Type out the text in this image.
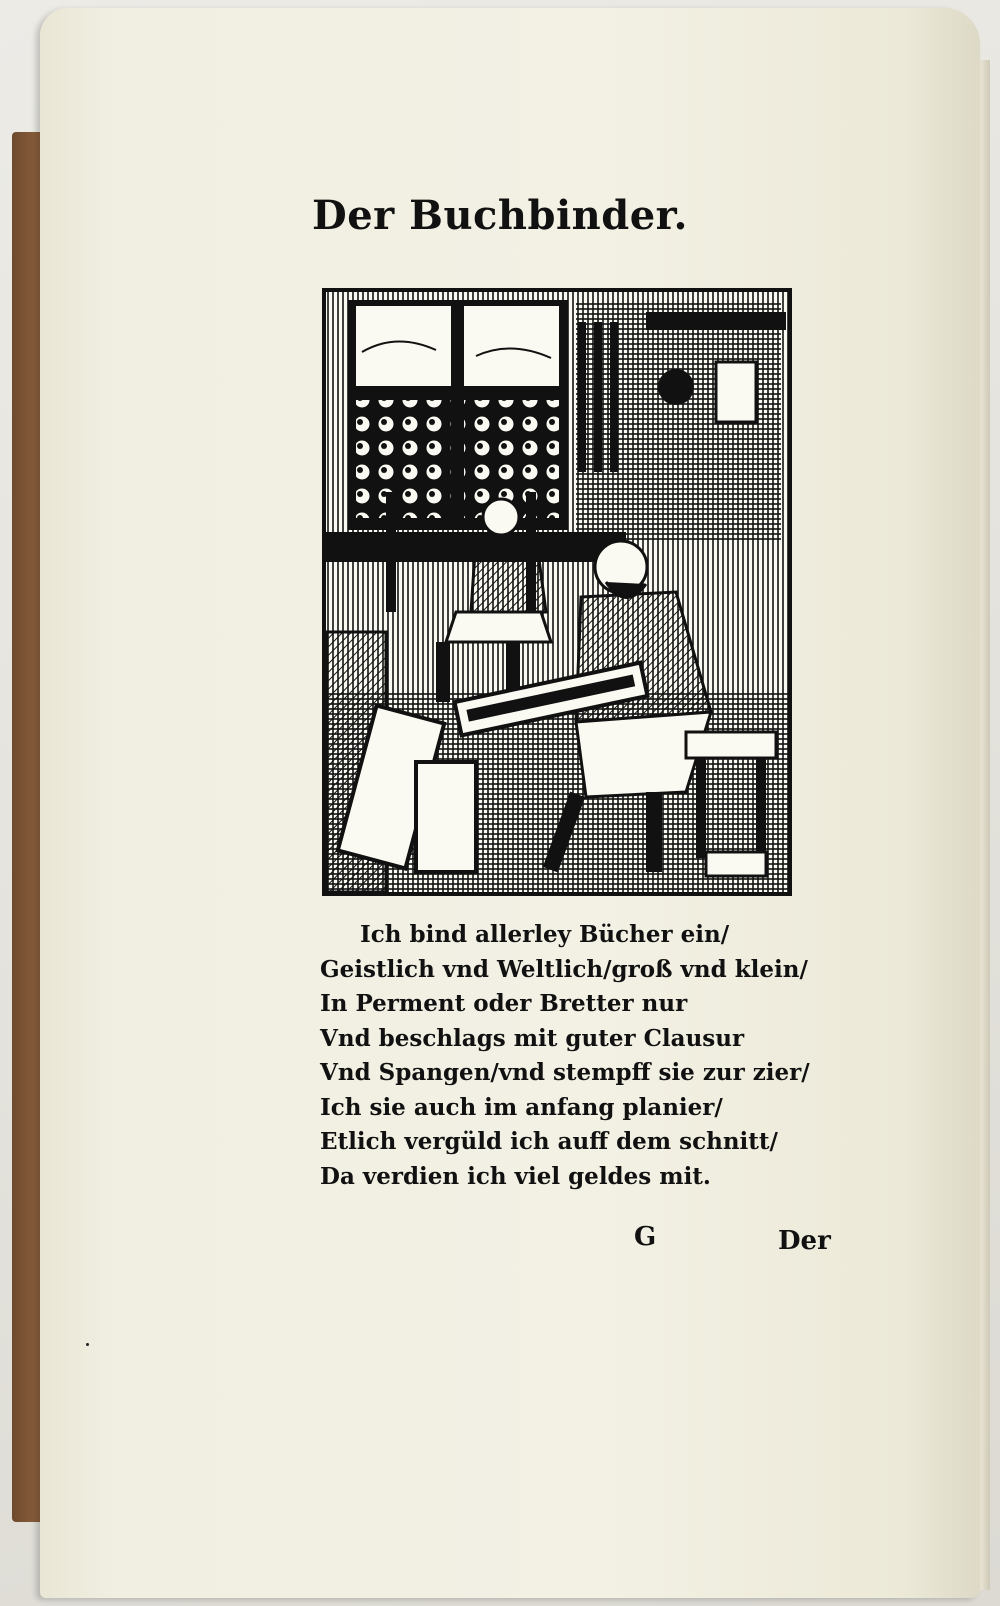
Der Buchbinder.
Ich bind allerley Bücher ein/
Geistlich vnd Weltlich/groß vnd klein/
In Perment oder Bretter nur
Vnd beschlags mit guter Clausur
Vnd Spangen/vnd stempff sie zur zier/
Ich sie auch im anfang planier/
Etlich vergüld ich auff dem schnitt/
Da verdien ich viel geldes mit.
G	Der
